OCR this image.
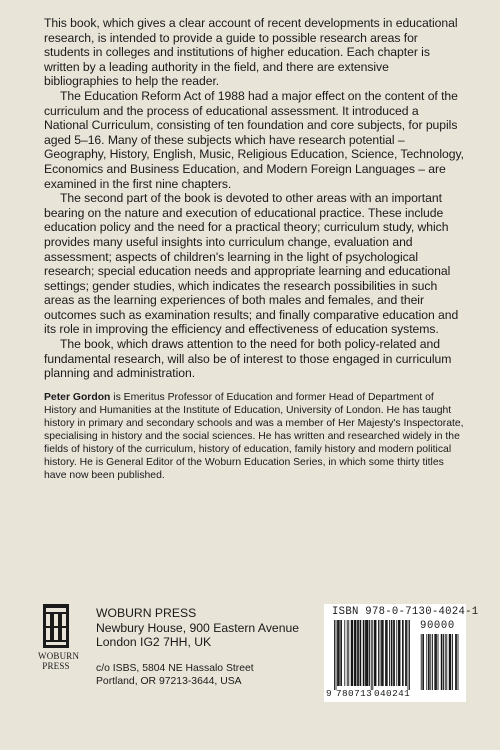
This book, which gives a clear account of recent developments in educational research, is intended to provide a guide to possible research areas for students in colleges and institutions of higher education. Each chapter is written by a leading authority in the field, and there are extensive bibliographies to help the reader.

The Education Reform Act of 1988 had a major effect on the content of the curriculum and the process of educational assessment. It introduced a National Curriculum, consisting of ten foundation and core subjects, for pupils aged 5–16. Many of these subjects which have research potential – Geography, History, English, Music, Religious Education, Science, Technology, Economics and Business Education, and Modern Foreign Languages – are examined in the first nine chapters.

The second part of the book is devoted to other areas with an important bearing on the nature and execution of educational practice. These include education policy and the need for a practical theory; curriculum study, which provides many useful insights into curriculum change, evaluation and assessment; aspects of children's learning in the light of psychological research; special education needs and appropriate learning and educational settings; gender studies, which indicates the research possibilities in such areas as the learning experiences of both males and females, and their outcomes such as examination results; and finally comparative education and its role in improving the efficiency and effectiveness of education systems.

The book, which draws attention to the need for both policy-related and fundamental research, will also be of interest to those engaged in curriculum planning and administration.

Peter Gordon is Emeritus Professor of Education and former Head of Department of History and Humanities at the Institute of Education, University of London. He has taught history in primary and secondary schools and was a member of Her Majesty's Inspectorate, specialising in history and the social sciences. He has written and researched widely in the fields of history of the curriculum, history of education, family history and modern political history. He is General Editor of the Woburn Education Series, in which some thirty titles have now been published.
WOBURN
PRESS
WOBURN PRESS
Newbury House, 900 Eastern Avenue
London IG2 7HH, UK
c/o ISBS, 5804 NE Hassalo Street
Portland, OR 97213-3644, USA
ISBN 978-0-7130-4024-1
90000
9 780713 040241
